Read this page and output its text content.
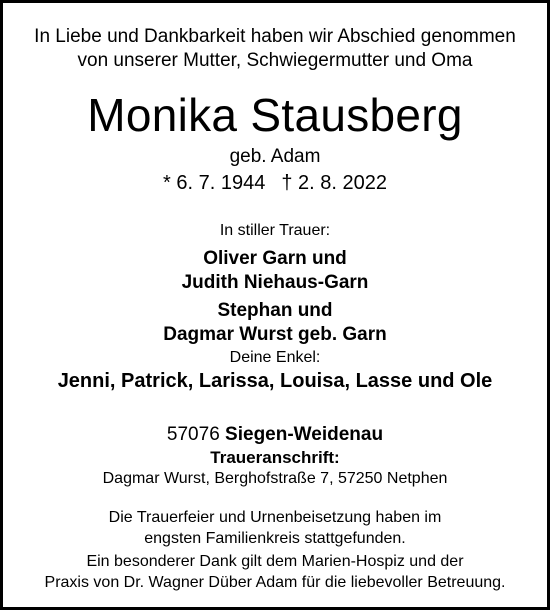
In Liebe und Dankbarkeit haben wir Abschied genommen
von unserer Mutter, Schwiegermutter und Oma
Monika Stausberg
geb. Adam
* 6. 7. 1944 † 2. 8. 2022
In stiller Trauer:
Oliver Garn und
Judith Niehaus-Garn
Stephan und
Dagmar Wurst geb. Garn
Deine Enkel:
Jenni, Patrick, Larissa, Louisa, Lasse und Ole
57076 Siegen-Weidenau
Traueranschrift:
Dagmar Wurst, Berghofstraße 7, 57250 Netphen
Die Trauerfeier und Urnenbeisetzung haben im
engsten Familienkreis stattgefunden.
Ein besonderer Dank gilt dem Marien-Hospiz und der
Praxis von Dr. Wagner Düber Adam für die liebevoller Betreuung.
